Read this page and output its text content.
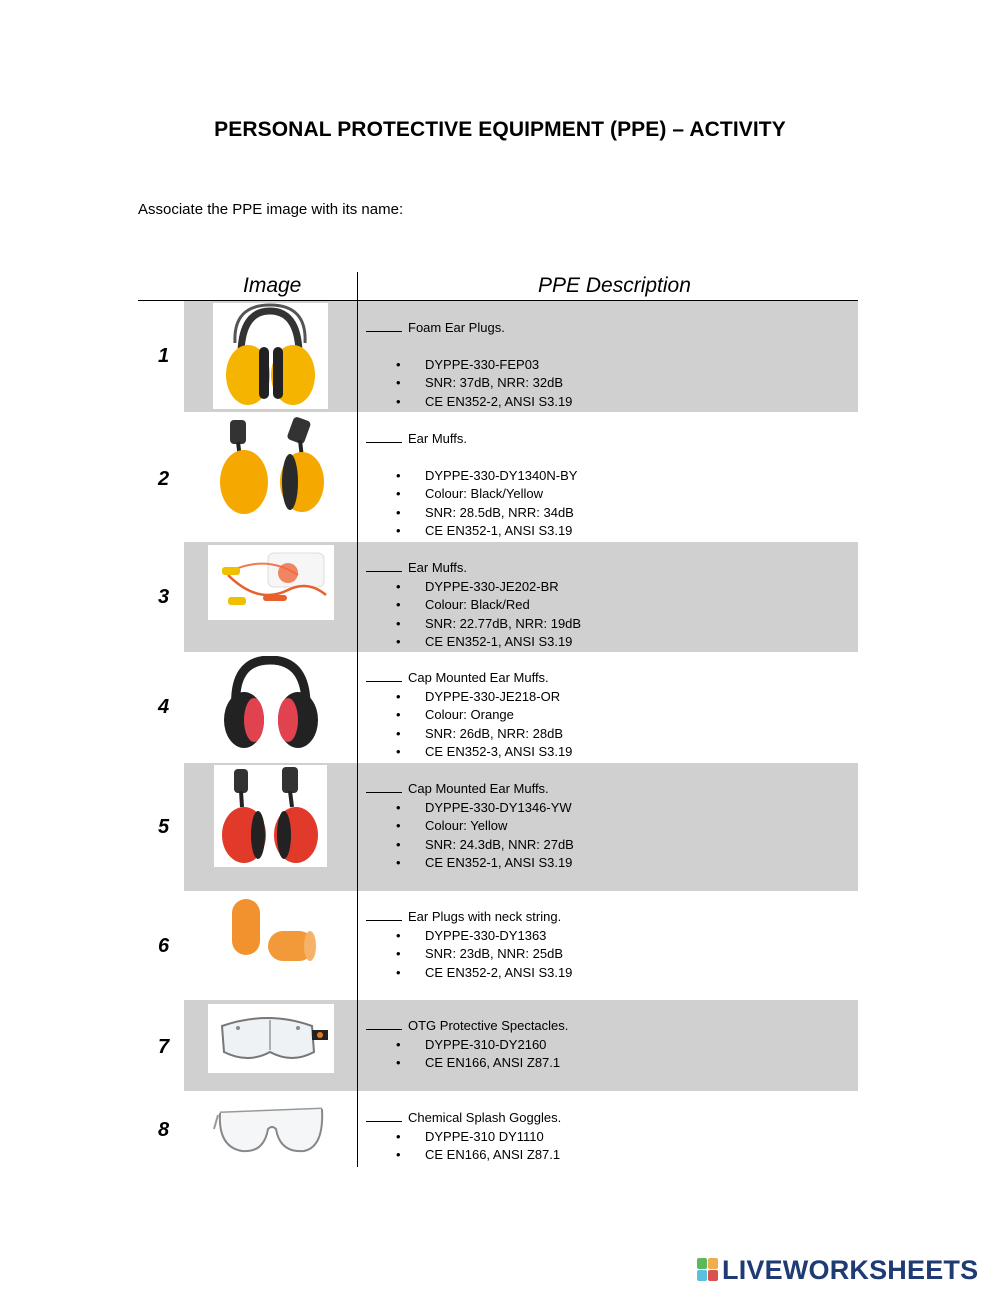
PERSONAL PROTECTIVE EQUIPMENT (PPE) – ACTIVITY
Associate the PPE image with its name:
Image	PPE Description
1
Foam Ear Plugs.
• DYPPE-330-FEP03
• SNR: 37dB, NRR: 32dB
• CE EN352-2, ANSI S3.19
2
Ear Muffs.
• DYPPE-330-DY1340N-BY
• Colour: Black/Yellow
• SNR: 28.5dB, NRR: 34dB
• CE EN352-1, ANSI S3.19
3
Ear Muffs.
• DYPPE-330-JE202-BR
• Colour: Black/Red
• SNR: 22.77dB, NRR: 19dB
• CE EN352-1, ANSI S3.19
4
Cap Mounted Ear Muffs.
• DYPPE-330-JE218-OR
• Colour: Orange
• SNR: 26dB, NRR: 28dB
• CE EN352-3, ANSI S3.19
5
Cap Mounted Ear Muffs.
• DYPPE-330-DY1346-YW
• Colour: Yellow
• SNR: 24.3dB, NNR: 27dB
• CE EN352-1, ANSI S3.19
6
Ear Plugs with neck string.
• DYPPE-330-DY1363
• SNR: 23dB, NNR: 25dB
• CE EN352-2, ANSI S3.19
7
OTG Protective Spectacles.
• DYPPE-310-DY2160
• CE EN166, ANSI Z87.1
8
Chemical Splash Goggles.
• DYPPE-310 DY1110
• CE EN166, ANSI Z87.1
LIVEWORKSHEETS
